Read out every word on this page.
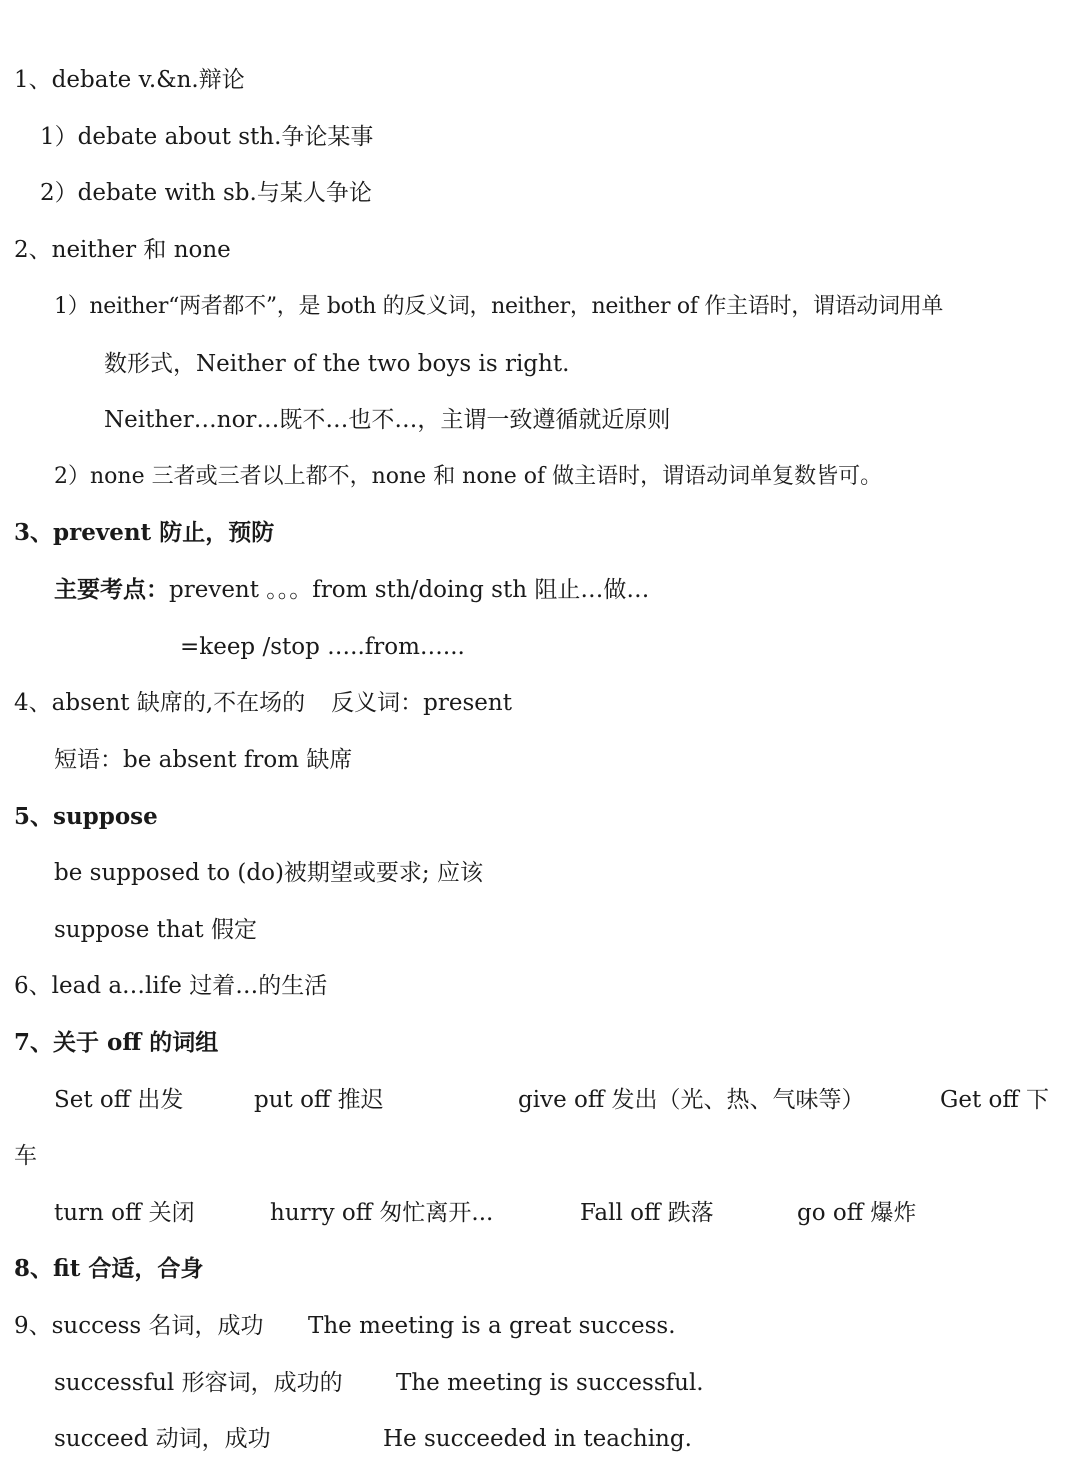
1、debate v.&n.辩论

1）debate about sth.争论某事

2）debate with sb.与某人争论

2、neither 和 none

1）neither“两者都不”，是 both 的反义词，neither，neither of 作主语时，谓语动词用单

数形式，Neither of the two boys is right.

Neither…nor…既不…也不…，主谓一致遵循就近原则

2）none 三者或三者以上都不，none 和 none of 做主语时，谓语动词单复数皆可。

3、prevent 防止，预防

主要考点：prevent 。。。from sth/doing sth 阻止…做…

=keep /stop …..from…...

4、absent 缺席的,不在场的 反义词：present

短语：be absent from 缺席

5、suppose

be supposed to (do)被期望或要求; 应该

suppose that 假定

6、lead a…life 过着…的生活

7、关于 off 的词组

Set off 出发	put off 推迟	give off 发出（光、热、气味等）	Get off 下

车

turn off 关闭	hurry off 匆忙离开...	Fall off 跌落	go off 爆炸

8、fit 合适，合身

9、success 名词，成功 The meeting is a great success.
successful 形容词，成功的 The meeting is successful.
succeed 动词，成功	He succeeded in teaching.
